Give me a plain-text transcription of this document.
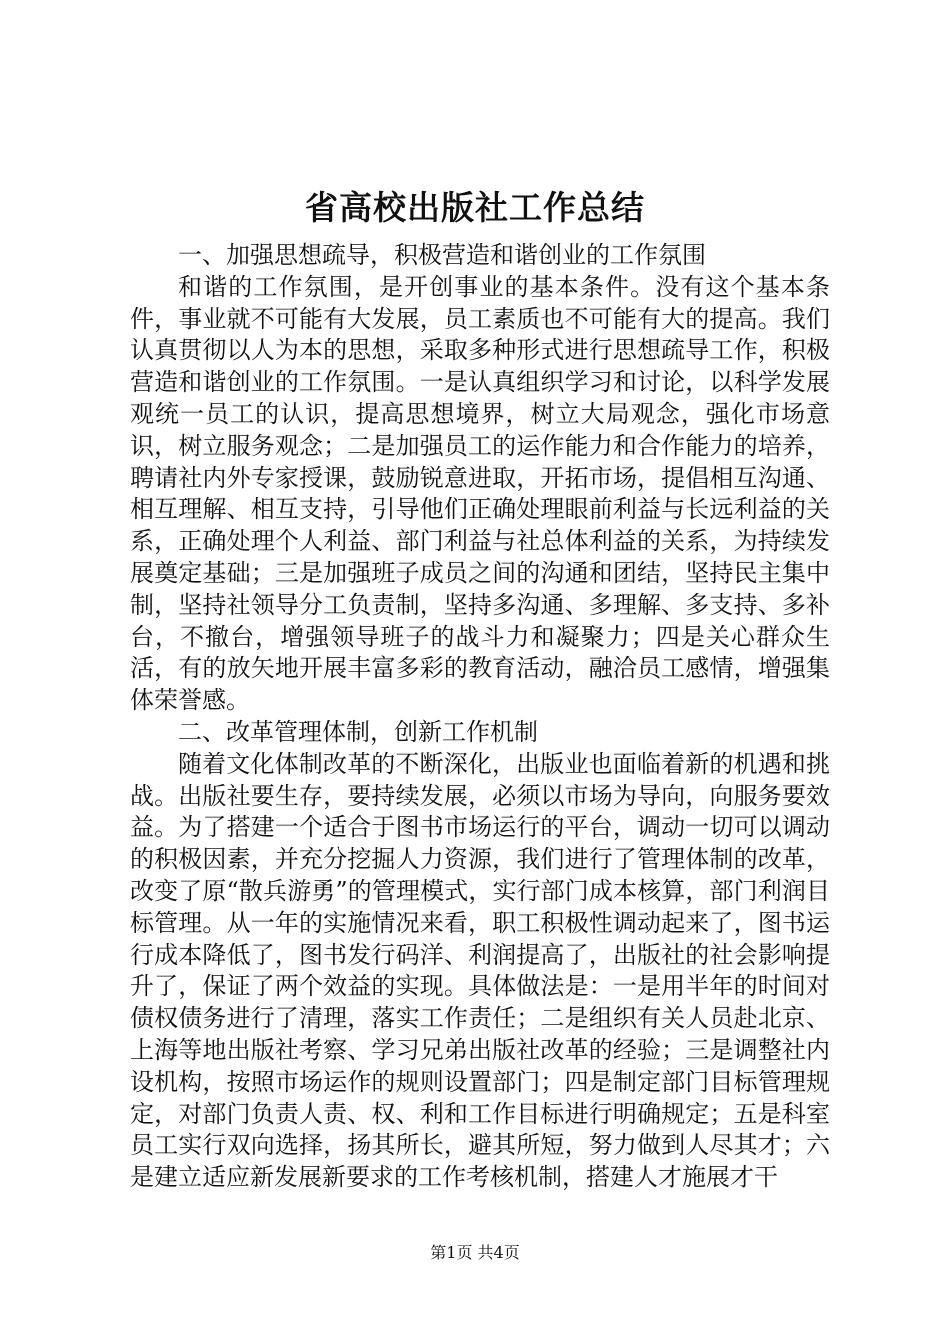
省高校出版社工作总结

一、加强思想疏导，积极营造和谐创业的工作氛围

和谐的工作氛围，是开创事业的基本条件。没有这个基本条件，事业就不可能有大发展，员工素质也不可能有大的提高。我们认真贯彻以人为本的思想，采取多种形式进行思想疏导工作，积极营造和谐创业的工作氛围。一是认真组织学习和讨论，以科学发展观统一员工的认识，提高思想境界，树立大局观念，强化市场意识，树立服务观念；二是加强员工的运作能力和合作能力的培养，聘请社内外专家授课，鼓励锐意进取，开拓市场，提倡相互沟通、相互理解、相互支持，引导他们正确处理眼前利益与长远利益的关系，正确处理个人利益、部门利益与社总体利益的关系，为持续发展奠定基础；三是加强班子成员之间的沟通和团结，坚持民主集中制，坚持社领导分工负责制，坚持多沟通、多理解、多支持、多补台，不撤台，增强领导班子的战斗力和凝聚力；四是关心群众生活，有的放矢地开展丰富多彩的教育活动，融洽员工感情，增强集体荣誉感。

二、改革管理体制，创新工作机制

随着文化体制改革的不断深化，出版业也面临着新的机遇和挑战。出版社要生存，要持续发展，必须以市场为导向，向服务要效益。为了搭建一个适合于图书市场运行的平台，调动一切可以调动的积极因素，并充分挖掘人力资源，我们进行了管理体制的改革，改变了原“散兵游勇”的管理模式，实行部门成本核算，部门利润目标管理。从一年的实施情况来看，职工积极性调动起来了，图书运行成本降低了，图书发行码洋、利润提高了，出版社的社会影响提升了，保证了两个效益的实现。具体做法是：一是用半年的时间对债权债务进行了清理，落实工作责任；二是组织有关人员赴北京、上海等地出版社考察、学习兄弟出版社改革的经验；三是调整社内设机构，按照市场运作的规则设置部门；四是制定部门目标管理规定，对部门负责人责、权、利和工作目标进行明确规定；五是科室员工实行双向选择，扬其所长，避其所短，努力做到人尽其才；六是建立适应新发展新要求的工作考核机制，搭建人才施展才干

第1页 共4页
